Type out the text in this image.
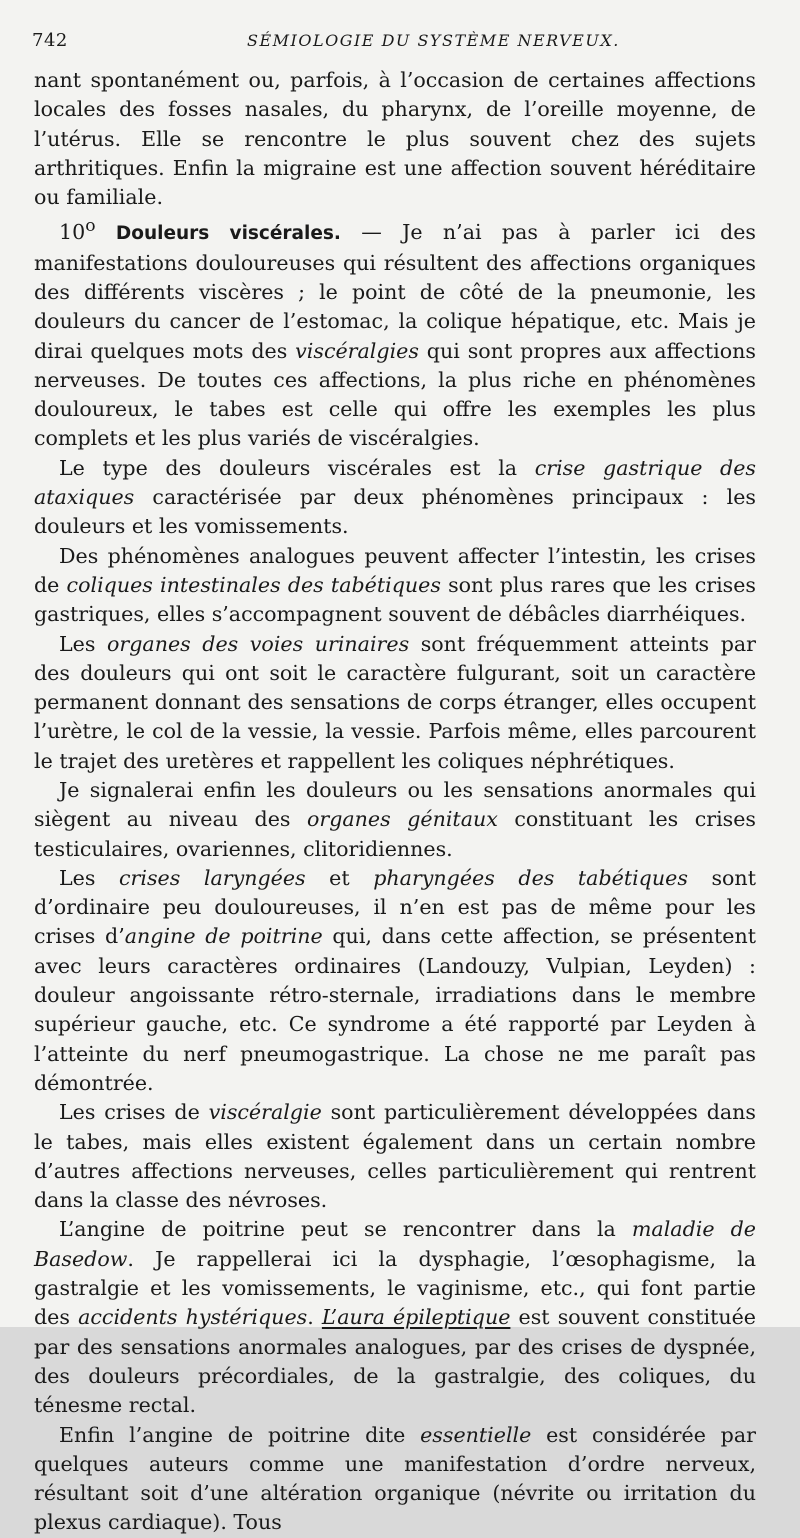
742	SÉMIOLOGIE DU SYSTÈME NERVEUX.

nant spontanément ou, parfois, à l’occasion de certaines affections locales des fosses nasales, du pharynx, de l’oreille moyenne, de l’utérus. Elle se rencontre le plus souvent chez des sujets arthritiques. Enfin la migraine est une affection souvent héréditaire ou familiale.

10$^o$ Douleurs viscérales. — Je n’ai pas à parler ici des manifestations douloureuses qui résultent des affections organiques des différents viscères ; le point de côté de la pneumonie, les douleurs du cancer de l’estomac, la colique hépatique, etc. Mais je dirai quelques mots des viscéralgies qui sont propres aux affections nerveuses. De toutes ces affections, la plus riche en phénomènes douloureux, le tabes est celle qui offre les exemples les plus complets et les plus variés de viscéralgies.

Le type des douleurs viscérales est la crise gastrique des ataxiques caractérisée par deux phénomènes principaux : les douleurs et les vomissements.

Des phénomènes analogues peuvent affecter l’intestin, les crises de coliques intestinales des tabétiques sont plus rares que les crises gastriques, elles s’accompagnent souvent de débâcles diarrhéiques.

Les organes des voies urinaires sont fréquemment atteints par des douleurs qui ont soit le caractère fulgurant, soit un caractère permanent donnant des sensations de corps étranger, elles occupent l’urètre, le col de la vessie, la vessie. Parfois même, elles parcourent le trajet des uretères et rappellent les coliques néphrétiques.

Je signalerai enfin les douleurs ou les sensations anormales qui siègent au niveau des organes génitaux constituant les crises testiculaires, ovariennes, clitoridiennes.

Les crises laryngées et pharyngées des tabétiques sont d’ordinaire peu douloureuses, il n’en est pas de même pour les crises d’angine de poitrine qui, dans cette affection, se présentent avec leurs caractères ordinaires (Landouzy, Vulpian, Leyden) : douleur angoissante rétro-sternale, irradiations dans le membre supérieur gauche, etc. Ce syndrome a été rapporté par Leyden à l’atteinte du nerf pneumogastrique. La chose ne me paraît pas démontrée.

Les crises de viscéralgie sont particulièrement développées dans le tabes, mais elles existent également dans un certain nombre d’autres affections nerveuses, celles particulièrement qui rentrent dans la classe des névroses.

L’angine de poitrine peut se rencontrer dans la maladie de Basedow. Je rappellerai ici la dysphagie, l’œsophagisme, la gastralgie et les vomissements, le vaginisme, etc., qui font partie des accidents hystériques. L’aura épileptique est souvent constituée par des sensations anormales analogues, par des crises de dyspnée, des douleurs précordiales, de la gastralgie, des coliques, du ténesme rectal.

Enfin l’angine de poitrine dite essentielle est considérée par quelques auteurs comme une manifestation d’ordre nerveux, résultant soit d’une altération organique (névrite ou irritation du plexus cardiaque). Tous
